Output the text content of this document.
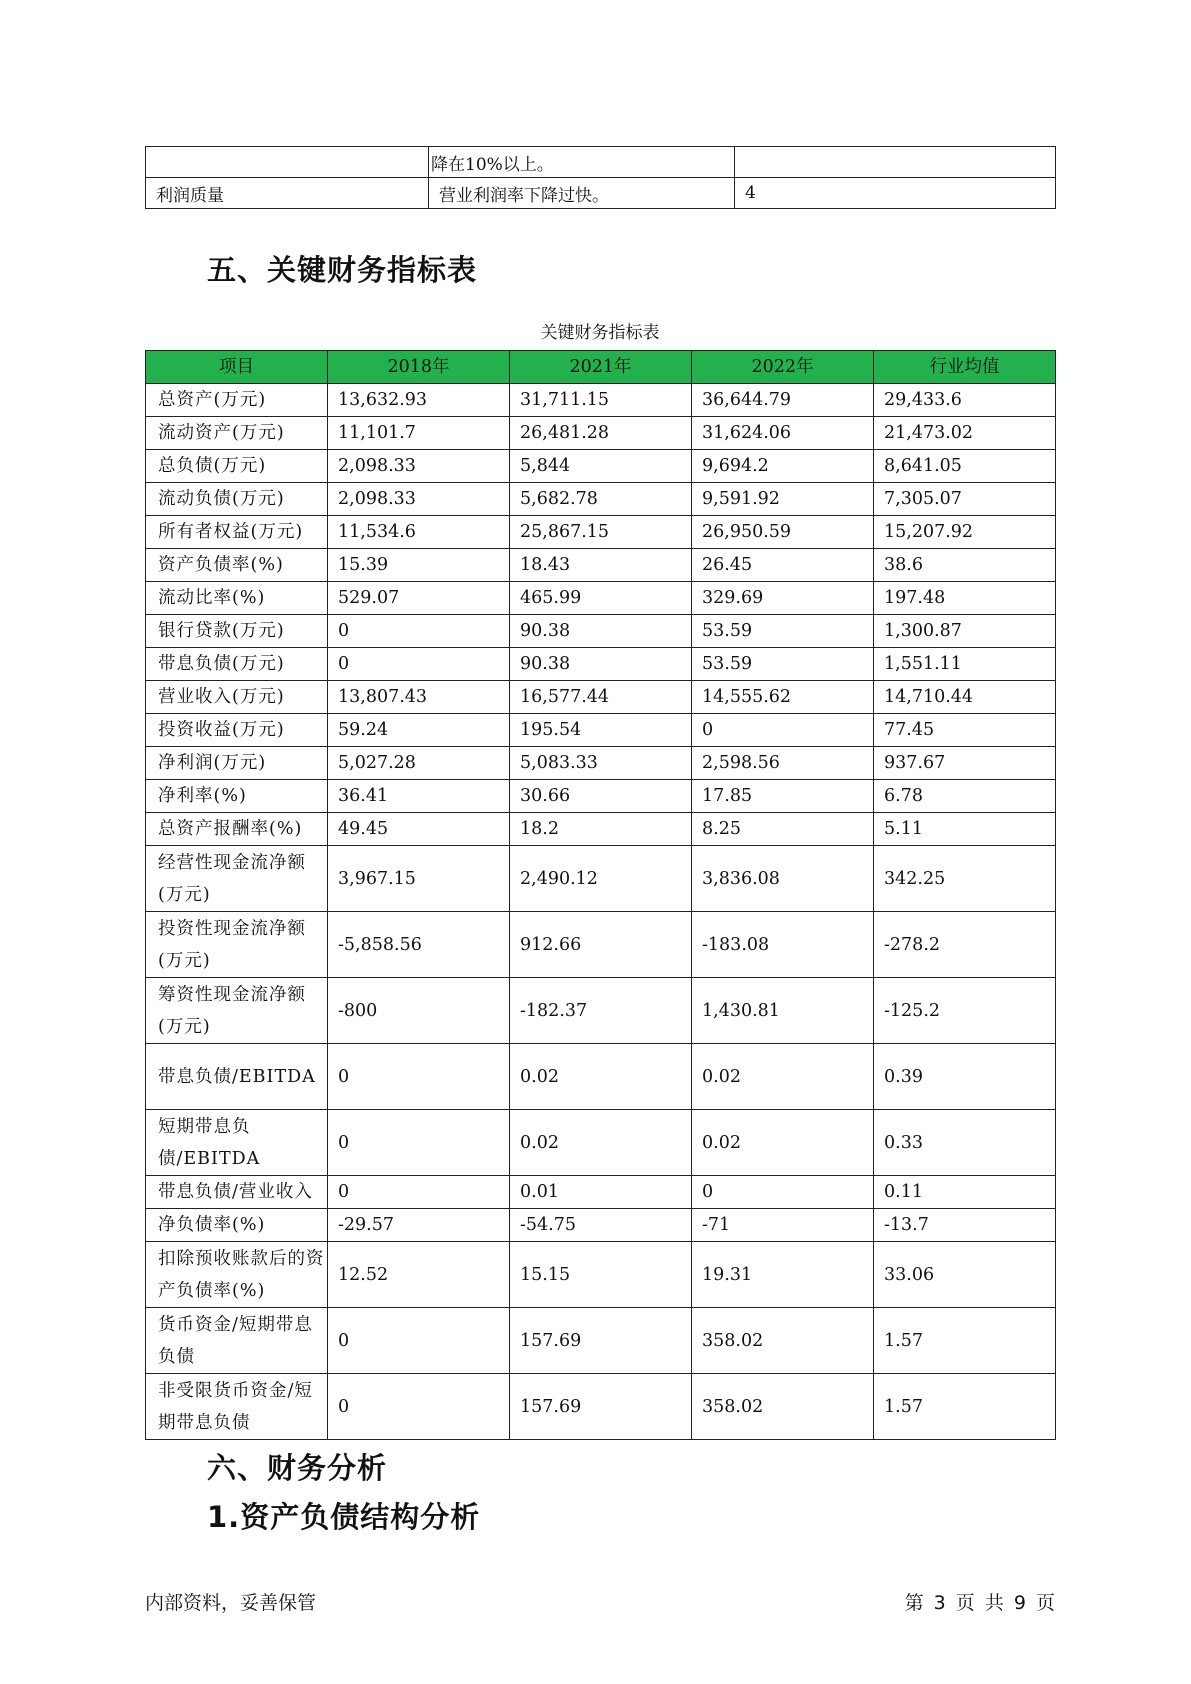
	降在10%以上。	
利润质量	营业利润率下降过快。	4
五、关键财务指标表
关键财务指标表
项目	2018年	2021年	2022年	行业均值
总资产(万元)	13,632.93	31,711.15	36,644.79	29,433.6
流动资产(万元)	11,101.7	26,481.28	31,624.06	21,473.02
总负债(万元)	2,098.33	5,844	9,694.2	8,641.05
流动负债(万元)	2,098.33	5,682.78	9,591.92	7,305.07
所有者权益(万元)	11,534.6	25,867.15	26,950.59	15,207.92
资产负债率(%)	15.39	18.43	26.45	38.6
流动比率(%)	529.07	465.99	329.69	197.48
银行贷款(万元)	0	90.38	53.59	1,300.87
带息负债(万元)	0	90.38	53.59	1,551.11
营业收入(万元)	13,807.43	16,577.44	14,555.62	14,710.44
投资收益(万元)	59.24	195.54	0	77.45
净利润(万元)	5,027.28	5,083.33	2,598.56	937.67
净利率(%)	36.41	30.66	17.85	6.78
总资产报酬率(%)	49.45	18.2	8.25	5.11
经营性现金流净额(万元)	3,967.15	2,490.12	3,836.08	342.25
投资性现金流净额(万元)	-5,858.56	912.66	-183.08	-278.2
筹资性现金流净额(万元)	-800	-182.37	1,430.81	-125.2
带息负债/EBITDA	0	0.02	0.02	0.39
短期带息负债/EBITDA	0	0.02	0.02	0.33
带息负债/营业收入	0	0.01	0	0.11
净负债率(%)	-29.57	-54.75	-71	-13.7
扣除预收账款后的资产负债率(%)	12.52	15.15	19.31	33.06
货币资金/短期带息负债	0	157.69	358.02	1.57
非受限货币资金/短期带息负债	0	157.69	358.02	1.57
六、财务分析
1.资产负债结构分析
内部资料，妥善保管	第 3 页 共 9 页
